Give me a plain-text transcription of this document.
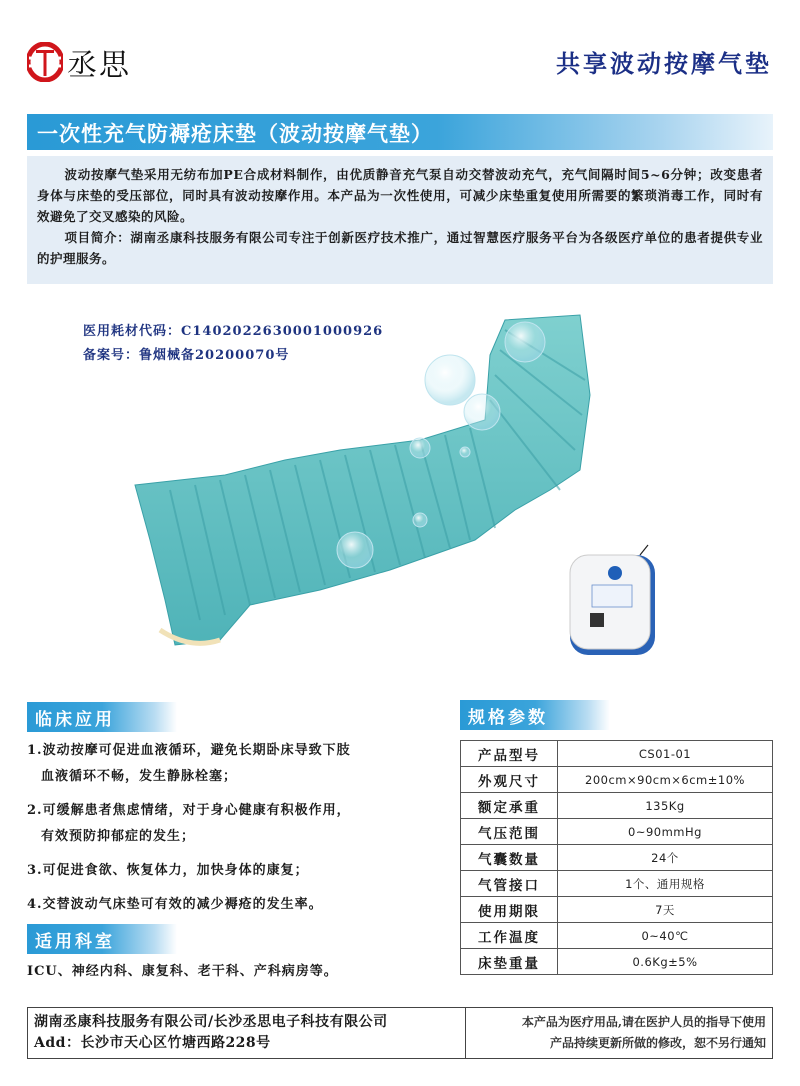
丞思	共享波动按摩气垫
一次性充气防褥疮床垫（波动按摩气垫）

波动按摩气垫采用无纺布加PE合成材料制作，由优质静音充气泵自动交替波动充气，充气间隔时间5~6分钟；改变患者身体与床垫的受压部位，同时具有波动按摩作用。本产品为一次性使用，可减少床垫重复使用所需要的繁琐消毒工作，同时有效避免了交叉感染的风险。

项目简介：湖南丞康科技服务有限公司专注于创新医疗技术推广，通过智慧医疗服务平台为各级医疗单位的患者提供专业的护理服务。

医用耗材代码：C1402022630001000926
备案号：鲁烟械备20200070号
临床应用
1.波动按摩可促进血液循环，避免长期卧床导致下肢
血液循环不畅，发生静脉栓塞；
2.可缓解患者焦虑情绪，对于身心健康有积极作用，
有效预防抑郁症的发生；
3.可促进食欲、恢复体力，加快身体的康复；
4.交替波动气床垫可有效的减少褥疮的发生率。
适用科室
ICU、神经内科、康复科、老干科、产科病房等。
规格参数
产品型号	CS01-01
外观尺寸	200cm×90cm×6cm±10%
额定承重	135Kg
气压范围	0~90mmHg
气囊数量	24个
气管接口	1个、通用规格
使用期限	7天
工作温度	0~40℃
床垫重量	0.6Kg±5%
湖南丞康科技服务有限公司/长沙丞思电子科技有限公司
Add：长沙市天心区竹塘西路228号
本产品为医疗用品,请在医护人员的指导下使用
产品持续更新所做的修改，恕不另行通知
